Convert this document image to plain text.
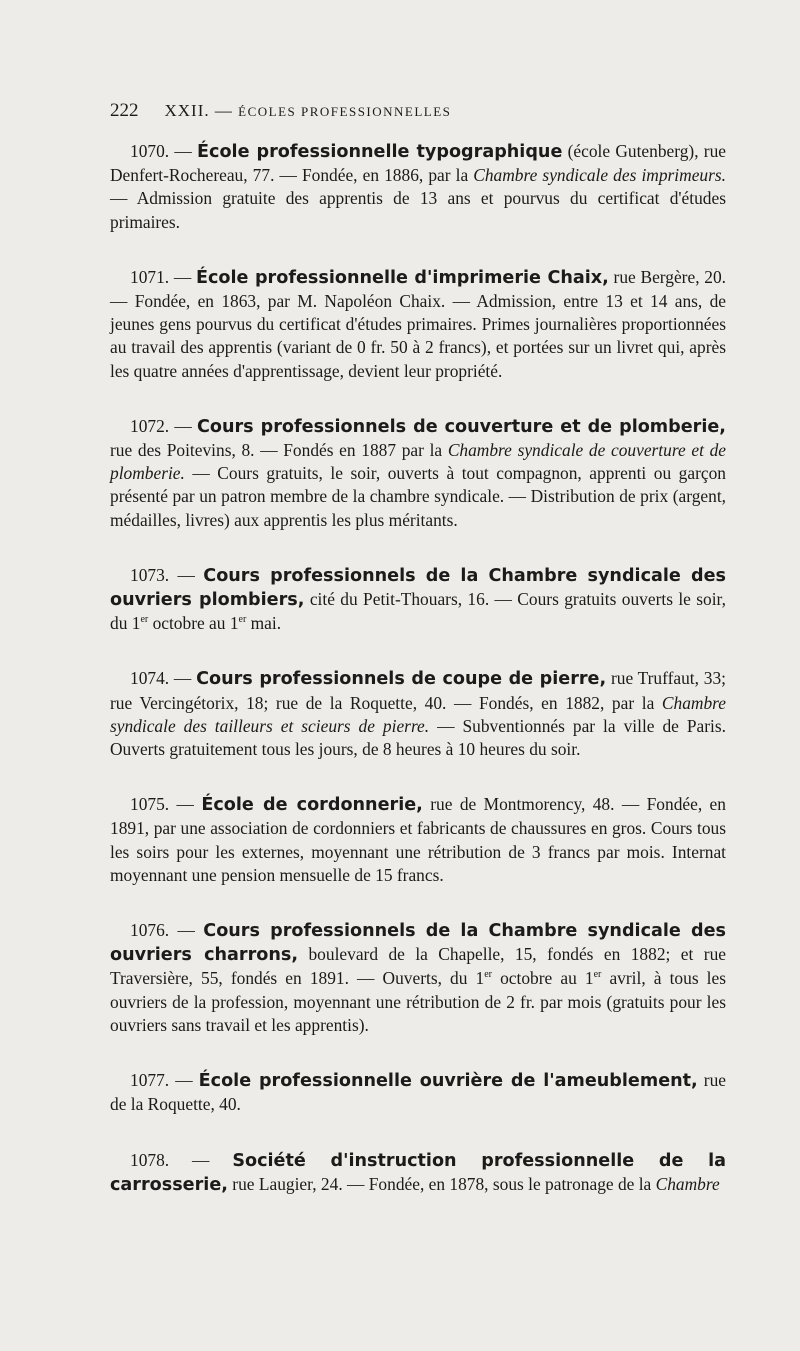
222 XXII. — ÉCOLES PROFESSIONNELLES

1070. — École professionnelle typographique (école Gutenberg), rue Denfert-Rochereau, 77. — Fondée, en 1886, par la Chambre syndicale des imprimeurs. — Admission gratuite des apprentis de 13 ans et pourvus du certificat d'études primaires.

1071. — École professionnelle d'imprimerie Chaix, rue Bergère, 20. — Fondée, en 1863, par M. Napoléon Chaix. — Admission, entre 13 et 14 ans, de jeunes gens pourvus du certificat d'études primaires. Primes journalières proportionnées au travail des apprentis (variant de 0 fr. 50 à 2 francs), et portées sur un livret qui, après les quatre années d'apprentissage, devient leur propriété.

1072. — Cours professionnels de couverture et de plomberie, rue des Poitevins, 8. — Fondés en 1887 par la Chambre syndicale de couverture et de plomberie. — Cours gratuits, le soir, ouverts à tout compagnon, apprenti ou garçon présenté par un patron membre de la chambre syndicale. — Distribution de prix (argent, médailles, livres) aux apprentis les plus méritants.

1073. — Cours professionnels de la Chambre syndicale des ouvriers plombiers, cité du Petit-Thouars, 16. — Cours gratuits ouverts le soir, du 1er octobre au 1er mai.

1074. — Cours professionnels de coupe de pierre, rue Truffaut, 33; rue Vercingétorix, 18; rue de la Roquette, 40. — Fondés, en 1882, par la Chambre syndicale des tailleurs et scieurs de pierre. — Subventionnés par la ville de Paris. Ouverts gratuitement tous les jours, de 8 heures à 10 heures du soir.

1075. — École de cordonnerie, rue de Montmorency, 48. — Fondée, en 1891, par une association de cordonniers et fabricants de chaussures en gros. Cours tous les soirs pour les externes, moyennant une rétribution de 3 francs par mois. Internat moyennant une pension mensuelle de 15 francs.

1076. — Cours professionnels de la Chambre syndicale des ouvriers charrons, boulevard de la Chapelle, 15, fondés en 1882; et rue Traversière, 55, fondés en 1891. — Ouverts, du 1er octobre au 1er avril, à tous les ouvriers de la profession, moyennant une rétribution de 2 fr. par mois (gratuits pour les ouvriers sans travail et les apprentis).

1077. — École professionnelle ouvrière de l'ameublement, rue de la Roquette, 40.

1078. — Société d'instruction professionnelle de la carrosserie, rue Laugier, 24. — Fondée, en 1878, sous le patronage de la Chambre
